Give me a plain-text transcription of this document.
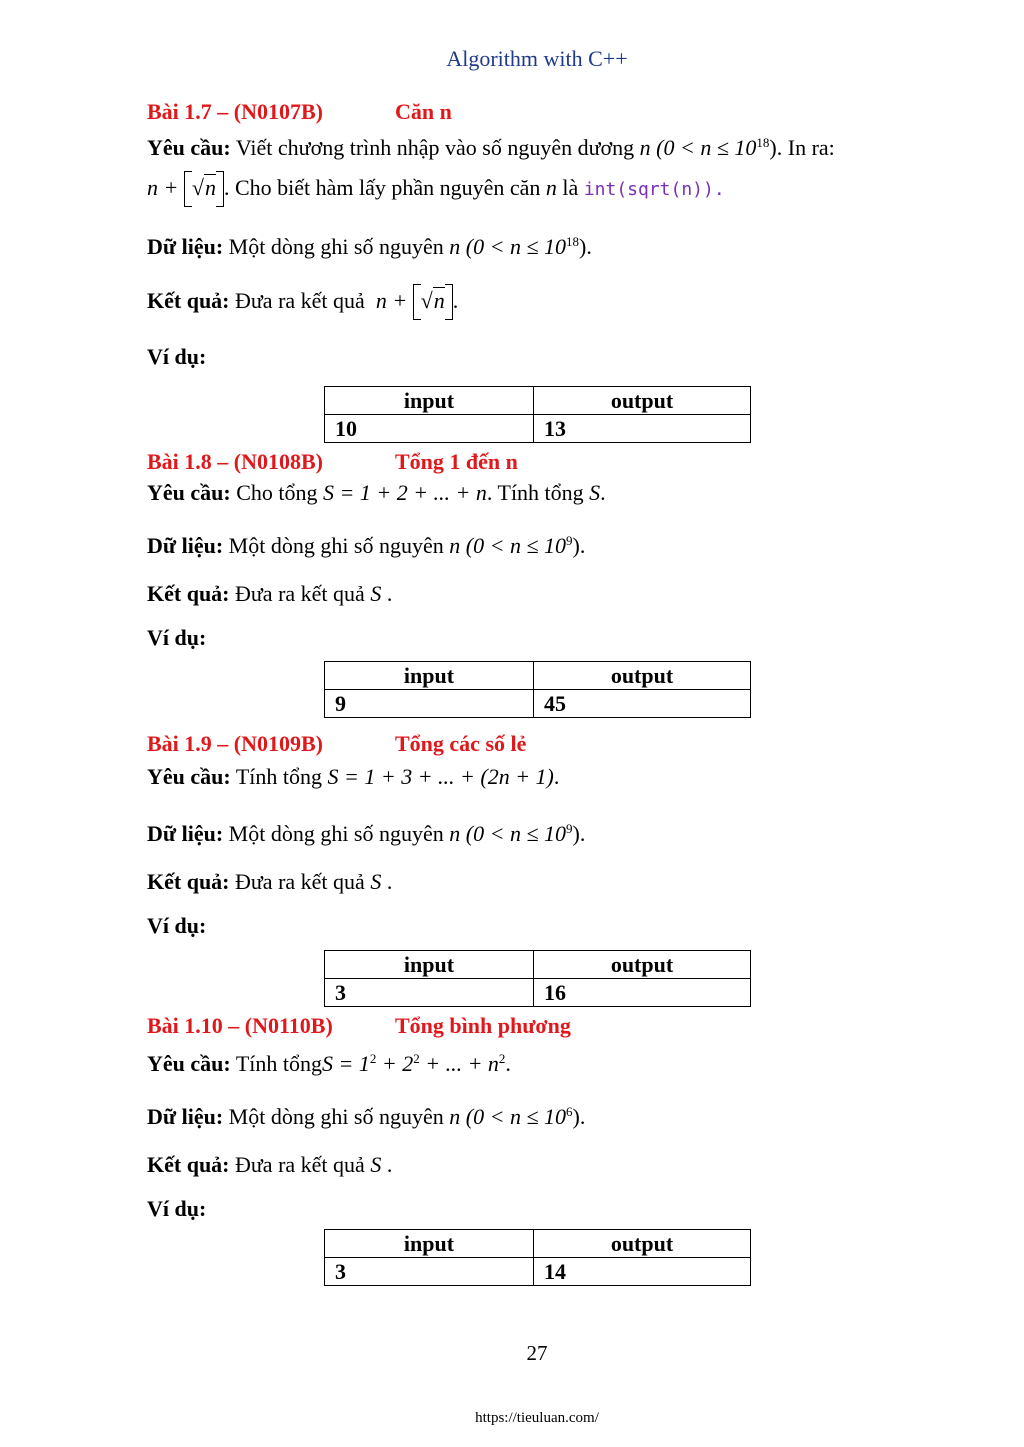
Algorithm with C++
Bài 1.7 – (N0107B)	Căn n
Yêu cầu: Viết chương trình nhập vào số nguyên dương n $(0 < n \le 10^{18})$. In ra:
n + √n . Cho biết hàm lấy phần nguyên căn n là int(sqrt(n)).
Dữ liệu: Một dòng ghi số nguyên n $(0 < n \le 10^{18})$.
Kết quả: Đưa ra kết quả n + √n .
Ví dụ:
input	output
10	13
Bài 1.8 – (N0108B)	Tổng 1 đến n
Yêu cầu: Cho tổng S = 1 + 2 + ... + n. Tính tổng S.
Dữ liệu: Một dòng ghi số nguyên n $(0 < n \le 10^9)$.
Kết quả: Đưa ra kết quả S .
Ví dụ:
input	output
9	45
Bài 1.9 – (N0109B)	Tổng các số lẻ
Yêu cầu: Tính tổng S = 1 + 3 + ... + (2n + 1).
Dữ liệu: Một dòng ghi số nguyên n $(0 < n \le 10^9)$.
Kết quả: Đưa ra kết quả S .
Ví dụ:
input	output
3	16
Bài 1.10 – (N0110B)	Tổng bình phương
Yêu cầu: Tính tổngS = $1^2 + 2^2$ + ... + $n^2$.
Dữ liệu: Một dòng ghi số nguyên n $(0 < n \le 10^6)$.
Kết quả: Đưa ra kết quả S .
Ví dụ:
input	output
3	14
27
https://tieuluan.com/
